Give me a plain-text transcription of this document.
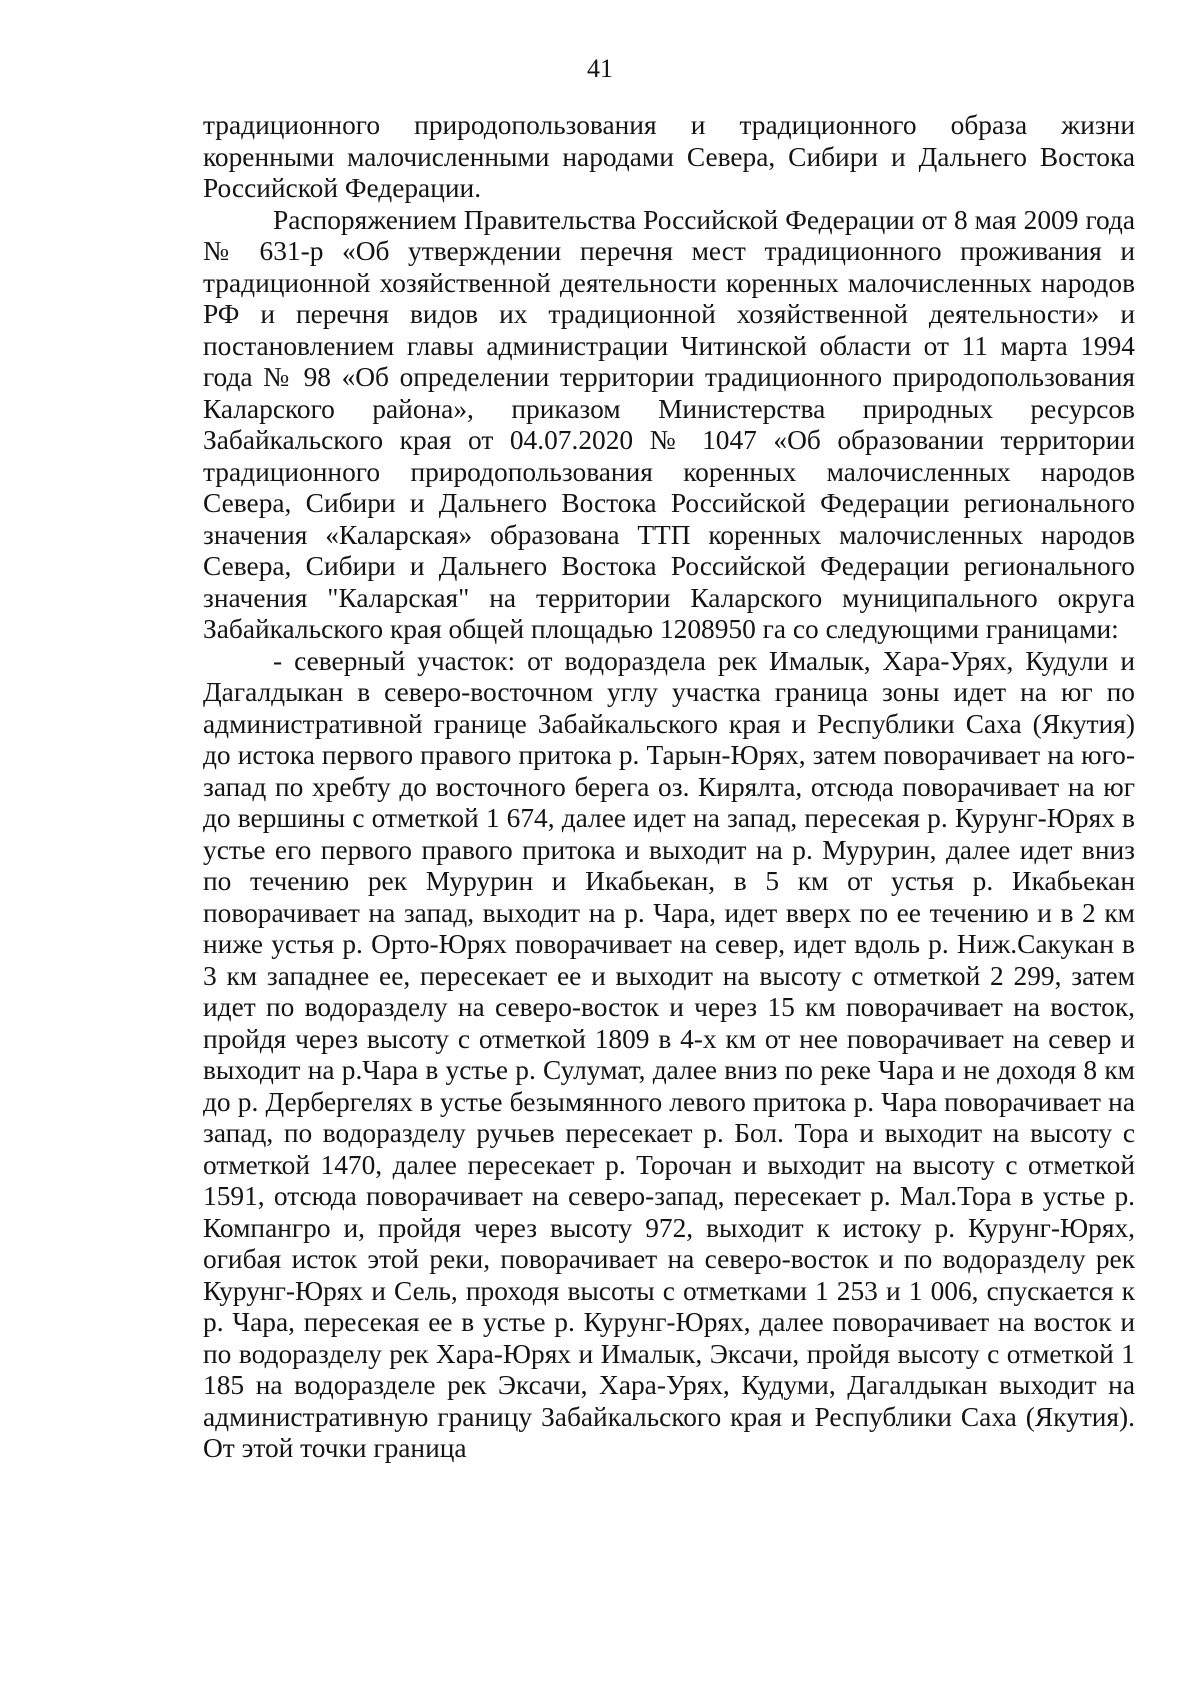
41

традиционного природопользования и традиционного образа жизни коренными малочисленными народами Севера, Сибири и Дальнего Востока Российской Федерации.

Распоряжением Правительства Российской Федерации от 8 мая 2009 года № 631-р «Об утверждении перечня мест традиционного проживания и традиционной хозяйственной деятельности коренных малочисленных народов РФ и перечня видов их традиционной хозяйственной деятельности» и постановлением главы администрации Читинской области от 11 марта 1994 года № 98 «Об определении территории традиционного природопользования Каларского района», приказом Министерства природных ресурсов Забайкальского края от 04.07.2020 № 1047 «Об образовании территории традиционного природопользования коренных малочисленных народов Севера, Сибири и Дальнего Востока Российской Федерации регионального значения «Каларская» образована ТТП коренных малочисленных народов Севера, Сибири и Дальнего Востока Российской Федерации регионального значения "Каларская" на территории Каларского муниципального округа Забайкальского края общей площадью 1208950 га со следующими границами:

- северный участок: от водораздела рек Ималык, Хара-Урях, Кудули и Дагалдыкан в северо-восточном углу участка граница зоны идет на юг по административной границе Забайкальского края и Республики Саха (Якутия) до истока первого правого притока р. Тарын-Юрях, затем поворачивает на юго-запад по хребту до восточного берега оз. Кирялта, отсюда поворачивает на юг до вершины с отметкой 1 674, далее идет на запад, пересекая р. Курунг-Юрях в устье его первого правого притока и выходит на р. Мурурин, далее идет вниз по течению рек Мурурин и Икабьекан, в 5 км от устья р. Икабьекан поворачивает на запад, выходит на р. Чара, идет вверх по ее течению и в 2 км ниже устья р. Орто-Юрях поворачивает на север, идет вдоль р. Ниж.Сакукан в 3 км западнее ее, пересекает ее и выходит на высоту с отметкой 2 299, затем идет по водоразделу на северо-восток и через 15 км поворачивает на восток, пройдя через высоту с отметкой 1809 в 4-х км от нее поворачивает на север и выходит на р.Чара в устье р. Сулумат, далее вниз по реке Чара и не доходя 8 км до р. Дербергелях в устье безымянного левого притока р. Чара поворачивает на запад, по водоразделу ручьев пересекает р. Бол. Тора и выходит на высоту с отметкой 1470, далее пересекает р. Торочан и выходит на высоту с отметкой 1591, отсюда поворачивает на северо-запад, пересекает р. Мал.Тора в устье р. Компангро и, пройдя через высоту 972, выходит к истоку р. Курунг-Юрях, огибая исток этой реки, поворачивает на северо-восток и по водоразделу рек Курунг-Юрях и Сель, проходя высоты с отметками 1 253 и 1 006, спускается к р. Чара, пересекая ее в устье р. Курунг-Юрях, далее поворачивает на восток и по водоразделу рек Хара-Юрях и Ималык, Эксачи, пройдя высоту с отметкой 1 185 на водоразделе рек Эксачи, Хара-Урях, Кудуми, Дагалдыкан выходит на административную границу Забайкальского края и Республики Саха (Якутия). От этой точки граница
